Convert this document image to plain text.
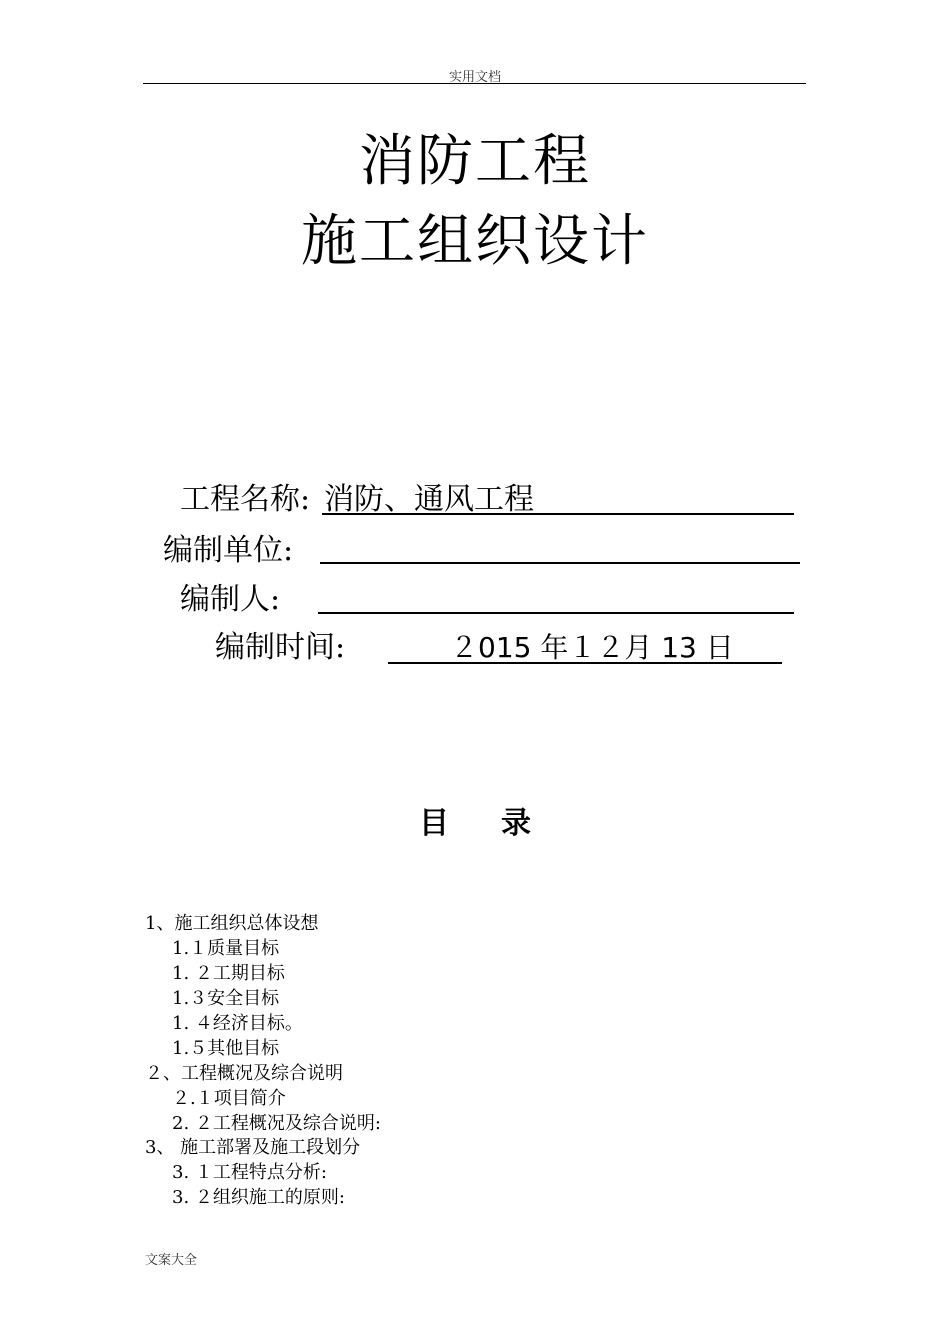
实用文档
消防工程
施工组织设计
工程名称: 消防、通风工程
编制单位:
编制人:
编制时间:	２015 年１２月 13 日
目录
1、施工组织总体设想
1.１质量目标
1. ２工期目标
1.３安全目标
1. ４经济目标。
1.５其他目标
２、工程概况及综合说明
２.１项目简介
2. ２工程概况及综合说明:
3、 施工部署及施工段划分
3. １工程特点分析:
3. ２组织施工的原则:
文案大全
